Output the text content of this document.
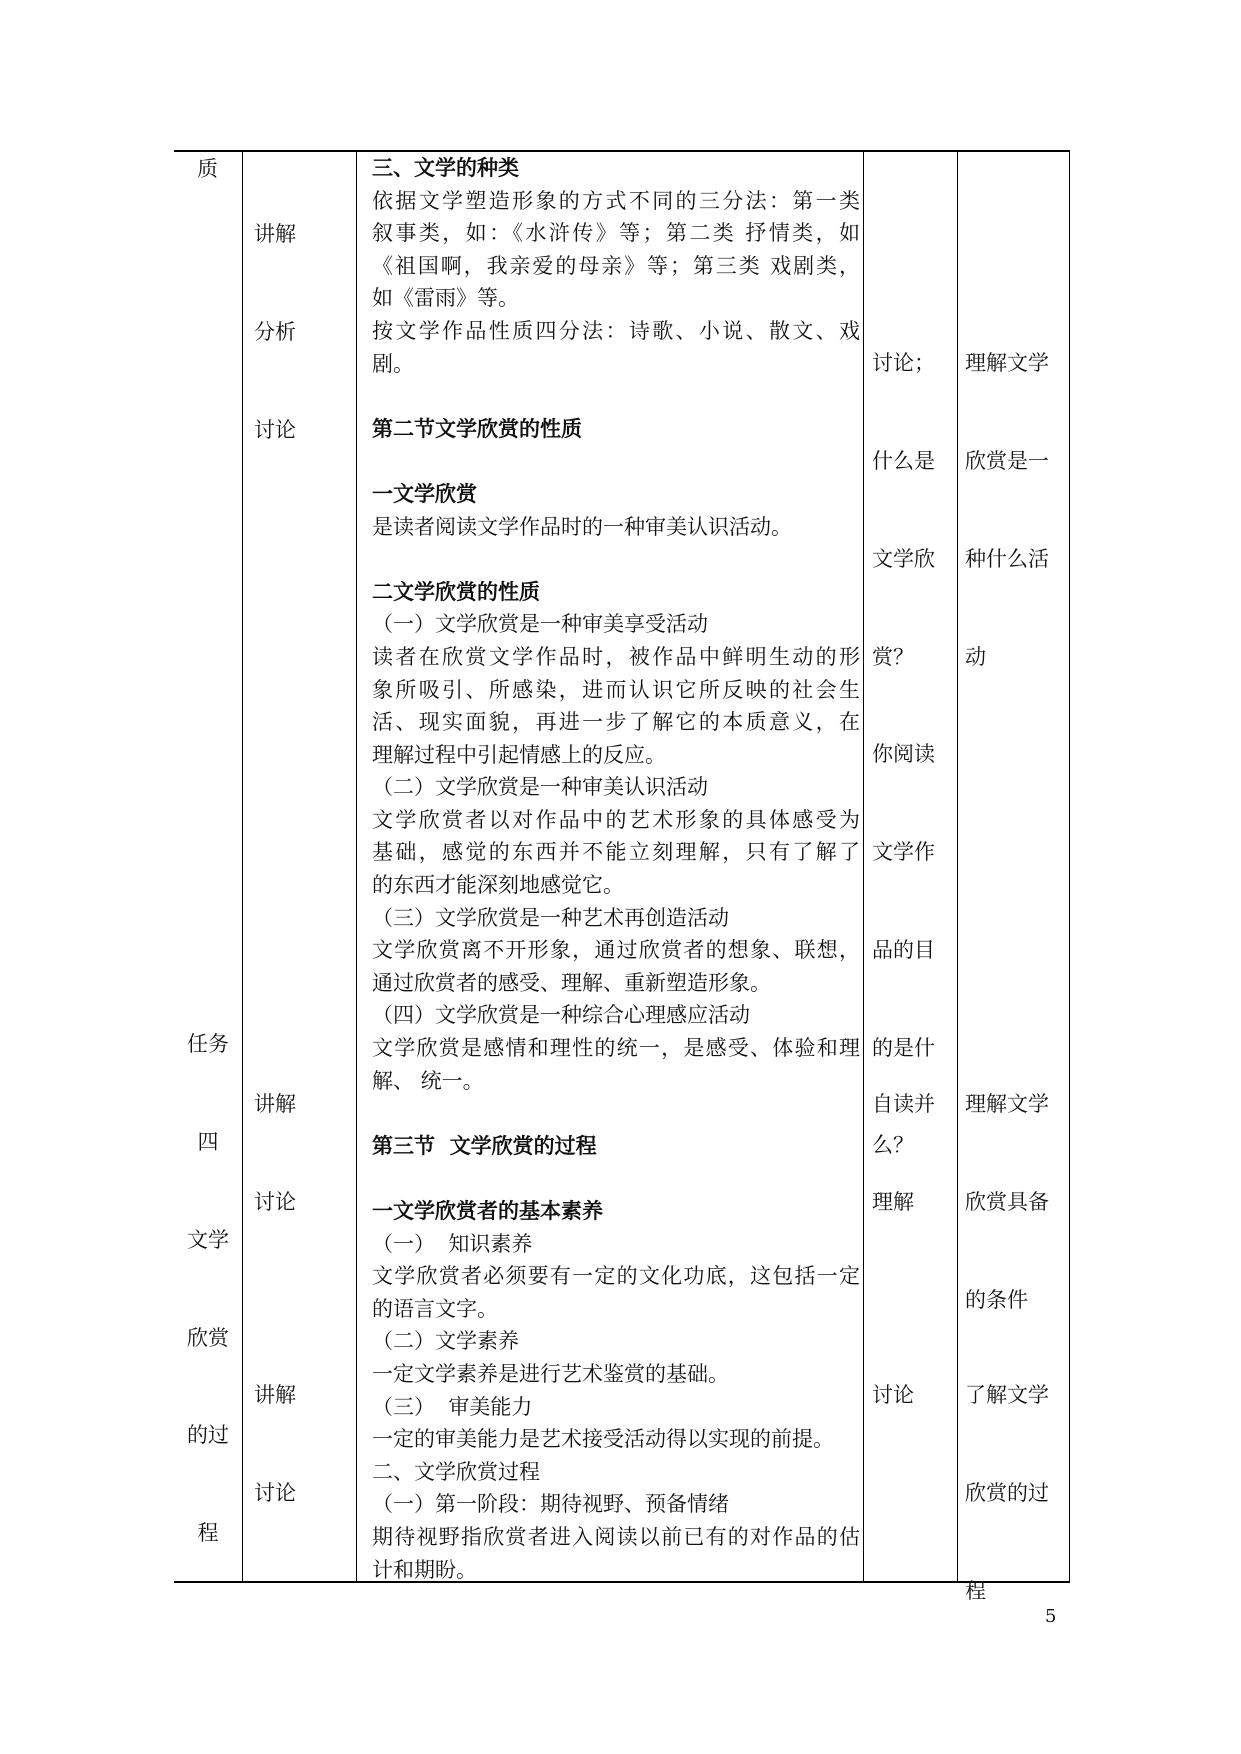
质

任务

四

文学

欣赏

的过

程

讲解

分析

讨论

讲解

讨论

讲解

讨论

三、文学的种类
依据文学塑造形象的方式不同的三分法：第一类
叙事类，如：《水浒传》等；第二类 抒情类，如
《祖国啊，我亲爱的母亲》等；第三类 戏剧类，
如《雷雨》等。
按文学作品性质四分法：诗歌、小说、散文、戏
剧。
第二节文学欣赏的性质
一文学欣赏
是读者阅读文学作品时的一种审美认识活动。
二文学欣赏的性质
（一）文学欣赏是一种审美享受活动
读者在欣赏文学作品时，被作品中鲜明生动的形
象所吸引、所感染，进而认识它所反映的社会生
活、现实面貌，再进一步了解它的本质意义，在
理解过程中引起情感上的反应。
（二）文学欣赏是一种审美认识活动
文学欣赏者以对作品中的艺术形象的具体感受为
基础，感觉的东西并不能立刻理解，只有了解了
的东西才能深刻地感觉它。
（三）文学欣赏是一种艺术再创造活动
文学欣赏离不开形象，通过欣赏者的想象、联想，
通过欣赏者的感受、理解、重新塑造形象。
（四）文学欣赏是一种综合心理感应活动
文学欣赏是感情和理性的统一，是感受、体验和理
解、 统一。
第三节  文学欣赏的过程
一文学欣赏者的基本素养
（一）  知识素养
文学欣赏者必须要有一定的文化功底，这包括一定
的语言文字。
（二）文学素养
一定文学素养是进行艺术鉴赏的基础。
（三）  审美能力
一定的审美能力是艺术接受活动得以实现的前提。
二、文学欣赏过程
（一）第一阶段：期待视野、预备情绪
期待视野指欣赏者进入阅读以前已有的对作品的估
计和期盼。

讨论；

什么是

文学欣

赏？

你阅读

文学作

品的目

的是什

么？

自读并

理解

讨论

理解文学

欣赏是一

种什么活

动

理解文学

欣赏具备

的条件

了解文学

欣赏的过

程

5
